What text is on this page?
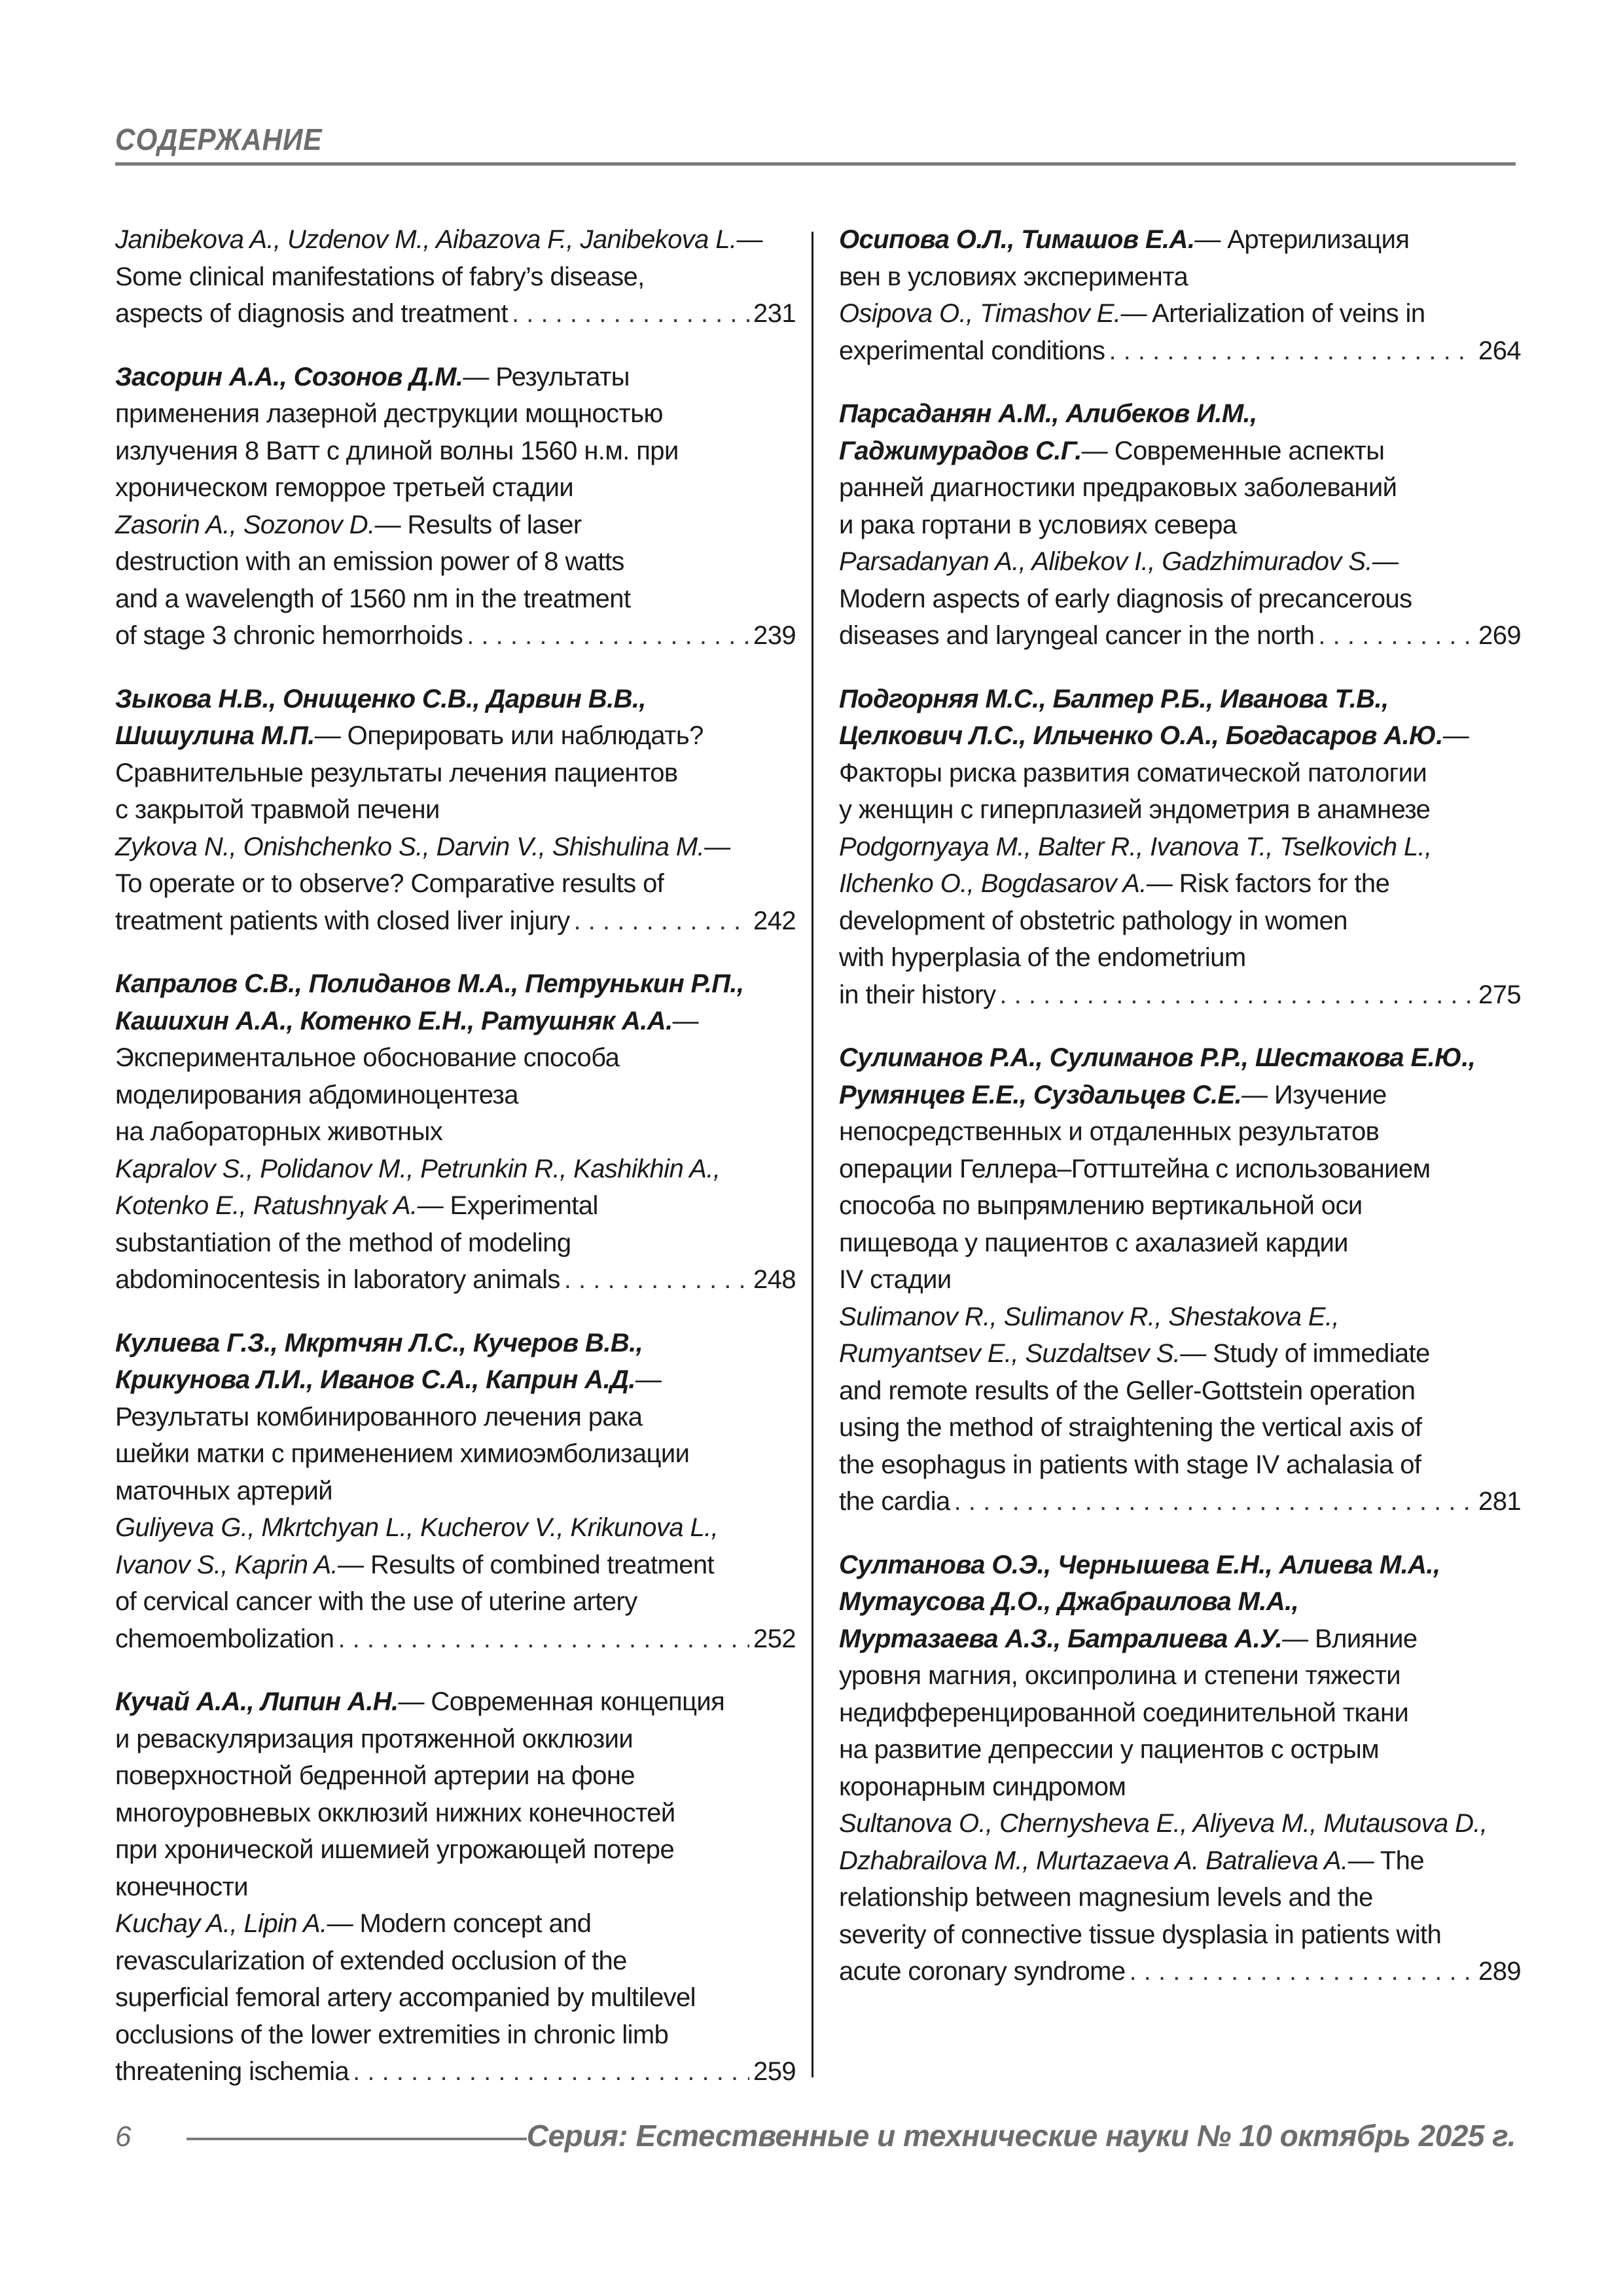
СОДЕРЖАНИЕ
Janibekova A., Uzdenov M., Aibazova F., Janibekova L. —
Some clinical manifestations of fabry’s disease,
aspects of diagnosis and treatment . . .	231
Засорин А.А., Созонов Д.М. — Результаты
применения лазерной деструкции мощностью
излучения 8 Ватт с длиной волны 1560 н.м. при
хроническом геморрое третьей стадии
Zasorin A., Sozonov D. — Results of laser
destruction with an emission power of 8 watts
and a wavelength of 1560 nm in the treatment
of stage 3 chronic hemorrhoids . . .	239
Зыкова Н.В., Онищенко С.В., Дарвин В.В.,
Шишулина М.П. — Оперировать или наблюдать?
Сравнительные результаты лечения пациентов
с закрытой травмой печени
Zykova N., Onishchenko S., Darvin V., Shishulina M. —
To operate or to observe? Comparative results of
treatment patients with closed liver injury . . .	242
Капралов С.В., Полиданов М.А., Петрунькин Р.П.,
Кашихин А.А., Котенко Е.Н., Ратушняк А.А. —
Экспериментальное обоснование способа
моделирования абдоминоцентеза
на лабораторных животных
Kapralov S., Polidanov M., Petrunkin R., Kashikhin A.,
Kotenko E., Ratushnyak A. — Experimental
substantiation of the method of modeling
abdominocentesis in laboratory animals . . .	248
Кулиева Г.З., Мкртчян Л.С., Кучеров В.В.,
Крикунова Л.И., Иванов С.А., Каприн А.Д. —
Результаты комбинированного лечения рака
шейки матки с применением химиоэмболизации
маточных артерий
Guliyeva G., Mkrtchyan L., Kucherov V., Krikunova L.,
Ivanov S., Kaprin A. — Results of combined treatment
of cervical cancer with the use of uterine artery
chemoembolization . . .	252
Кучай А.А., Липин А.Н. — Современная концепция
и реваскуляризация протяженной окклюзии
поверхностной бедренной артерии на фоне
многоуровневых окклюзий нижних конечностей
при хронической ишемией угрожающей потере
конечности
Kuchay A., Lipin A. — Modern concept and
revascularization of extended occlusion of the
superficial femoral artery accompanied by multilevel
occlusions of the lower extremities in chronic limb
threatening ischemia . . .	259
Осипова О.Л., Тимашов Е.А. — Артерилизация
вен в условиях эксперимента
Osipova O., Timashov E. — Arterialization of veins in
experimental conditions . . .	264
Парсаданян А.М., Алибеков И.М.,
Гаджимурадов С.Г. — Современные аспекты
ранней диагностики предраковых заболеваний
и рака гортани в условиях севера
Parsadanyan A., Alibekov I., Gadzhimuradov S. —
Modern aspects of early diagnosis of precancerous
diseases and laryngeal cancer in the north . . .	269
Подгорняя М.С., Балтер Р.Б., Иванова Т.В.,
Целкович Л.С., Ильченко О.А., Богдасаров А.Ю. —
Факторы риска развития соматической патологии
у женщин с гиперплазией эндометрия в анамнезе
Podgornyaya M., Balter R., Ivanova T., Tselkovich L.,
Ilchenko O., Bogdasarov A. — Risk factors for the
development of obstetric pathology in women
with hyperplasia of the endometrium
in their history . . .	275
Сулиманов Р.А., Сулиманов Р.Р., Шестакова Е.Ю.,
Румянцев Е.Е., Суздальцев С.Е. — Изучение
непосредственных и отдаленных результатов
операции Геллера–Готтштейна с использованием
способа по выпрямлению вертикальной оси
пищевода у пациентов с ахалазией кардии
IV стадии
Sulimanov R., Sulimanov R., Shestakova E.,
Rumyantsev E., Suzdaltsev S. — Study of immediate
and remote results of the Geller-Gottstein operation
using the method of straightening the vertical axis of
the esophagus in patients with stage IV achalasia of
the cardia . . .	281
Султанова О.Э., Чернышева Е.Н., Алиева М.А.,
Мутаусова Д.О., Джабраилова М.А.,
Муртазаева А.З., Батралиева А.У. — Влияние
уровня магния, оксипролина и степени тяжести
недифференцированной соединительной ткани
на развитие депрессии у пациентов с острым
коронарным синдромом
Sultanova O., Chernysheva E., Aliyeva M., Mutausova D.,
Dzhabrailova M., Murtazaeva A. Batralieva A. — The
relationship between magnesium levels and the
severity of connective tissue dysplasia in patients with
acute coronary syndrome . . .	289
6	Серия: Естественные и технические науки № 10 октябрь 2025 г.
